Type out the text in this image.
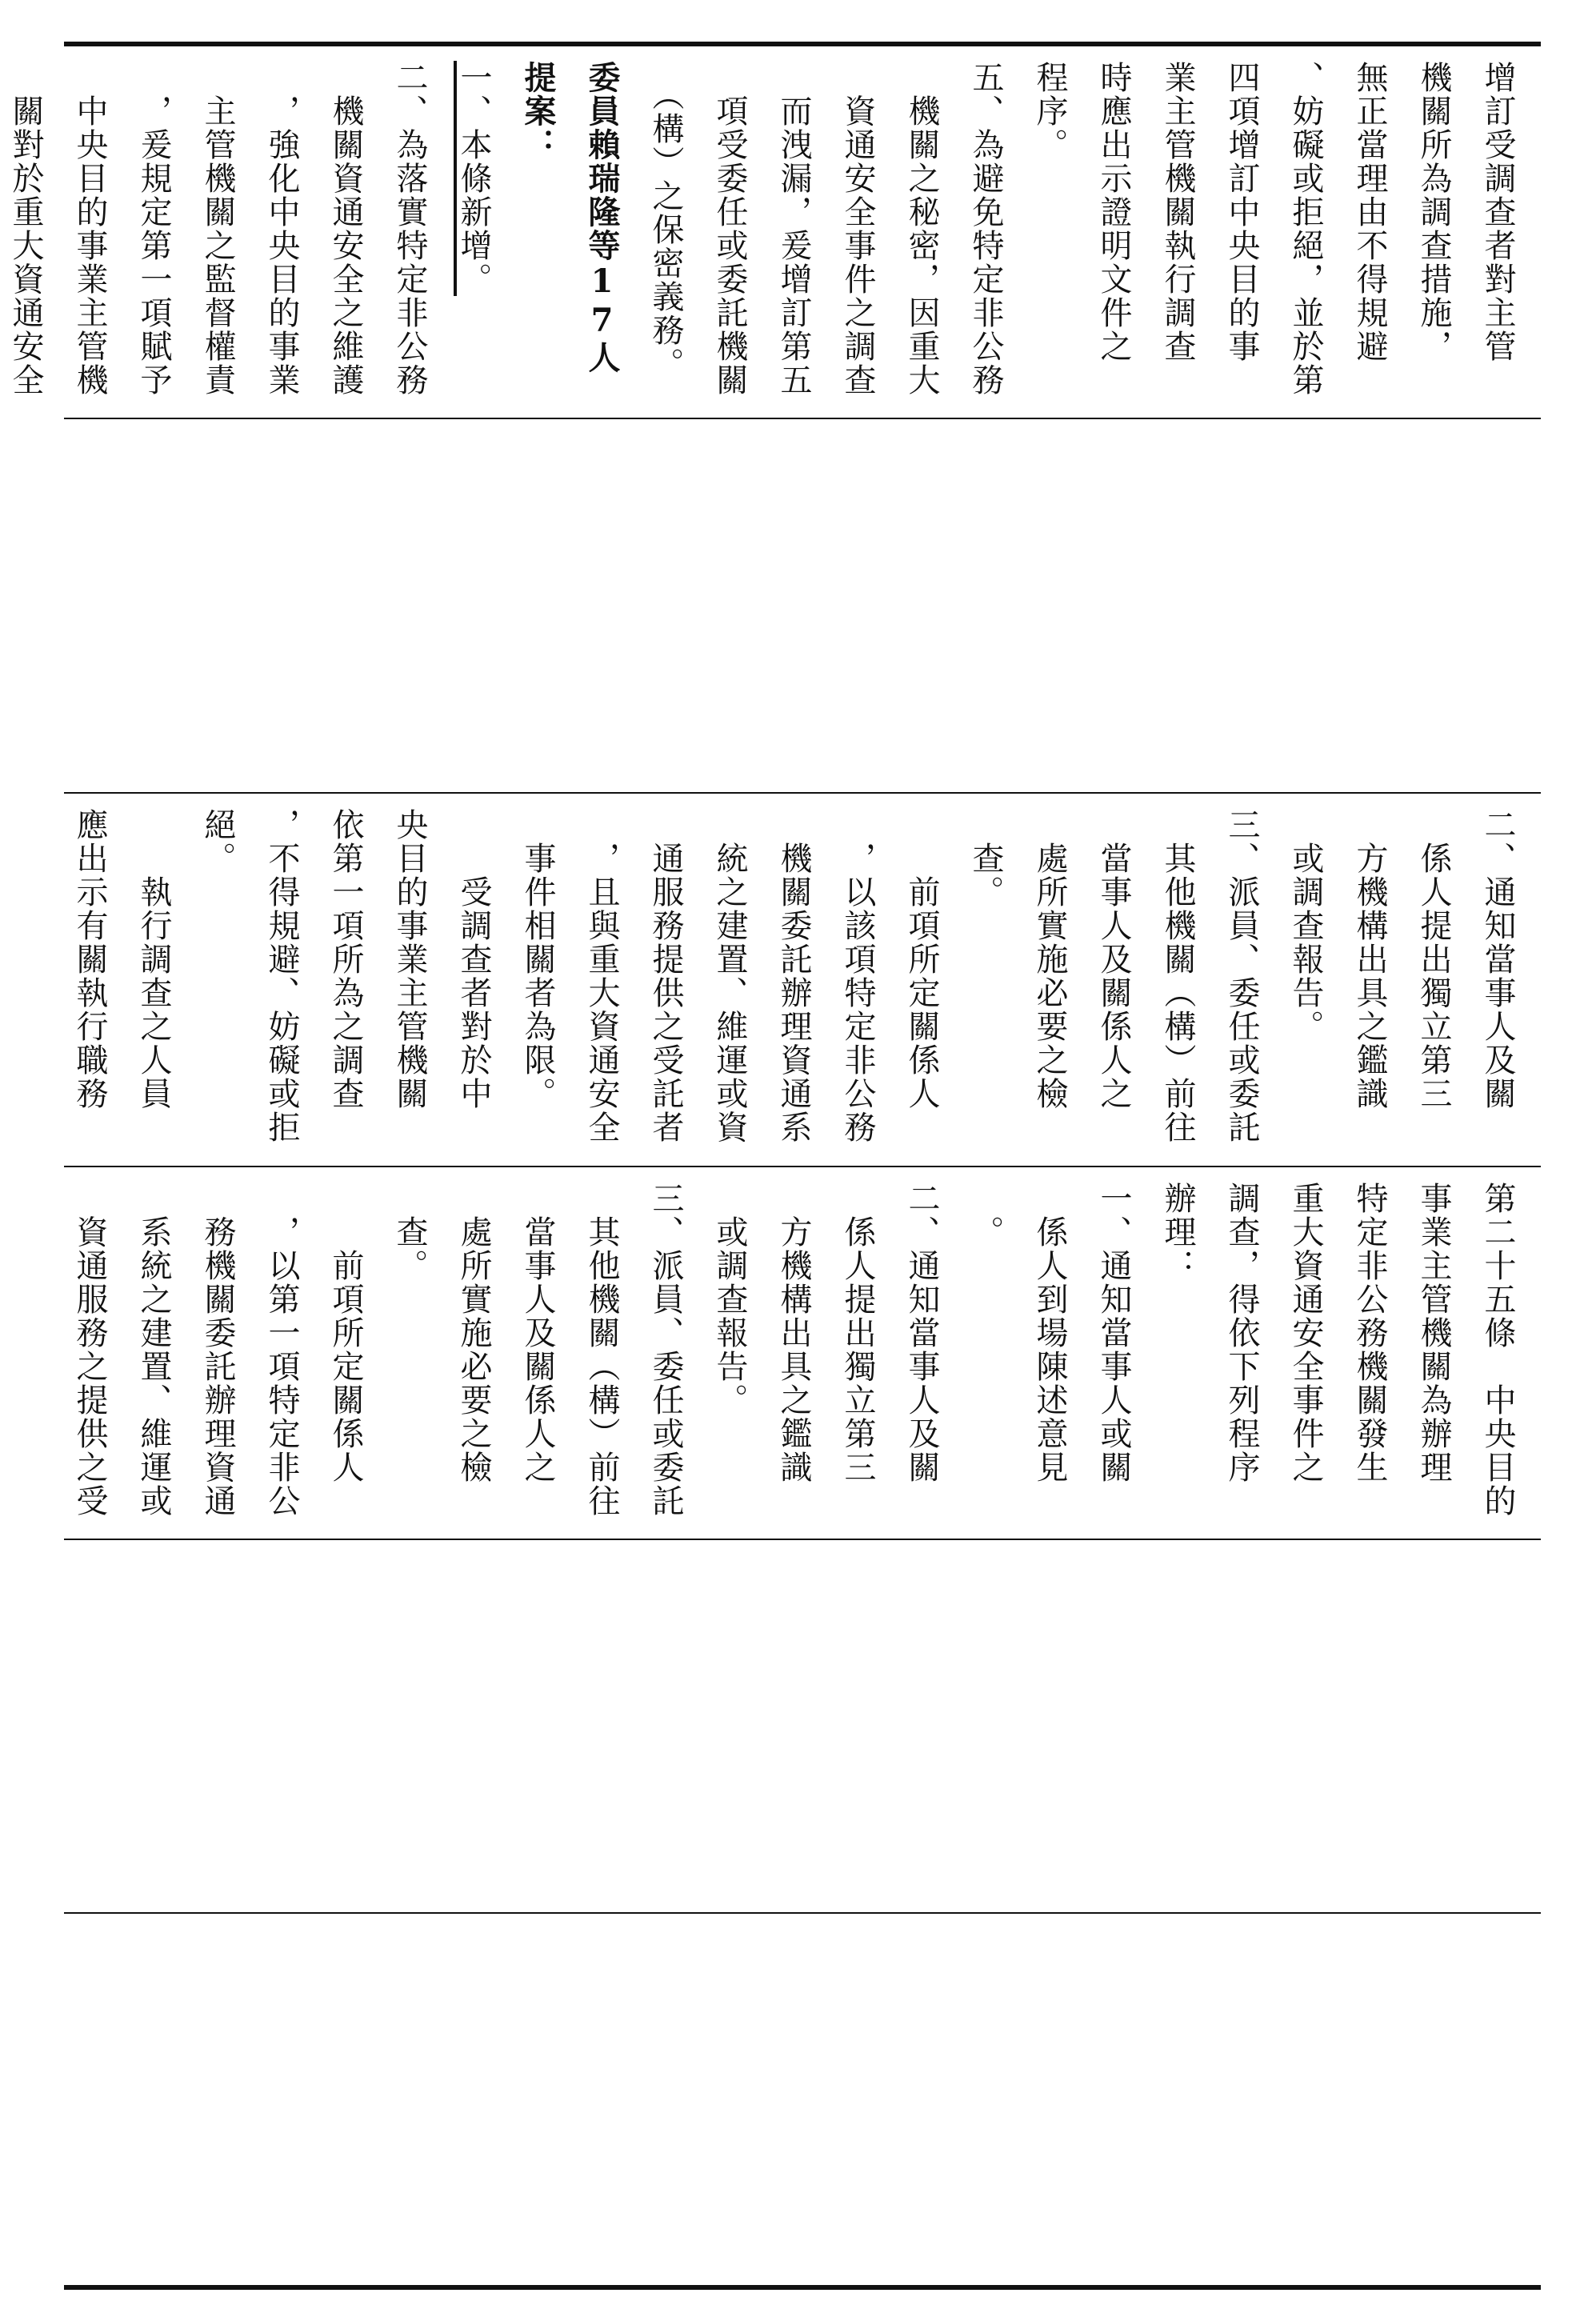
增訂受調查者對主管
機關所為調查措施，
無正當理由不得規避
、妨礙或拒絕，並於第
四項增訂中央目的事
業主管機關執行調查
時應出示證明文件之
程序。
五、為避免特定非公務
　機關之秘密，因重大
　資通安全事件之調查
　而洩漏，爰增訂第五
　項受委任或委託機關
　（構）之保密義務。
委員賴瑞隆等17人提案：
一、本條新增。
二、為落實特定非公務
　機關資通安全之維護
　，強化中央目的事業
　主管機關之監督權責
　，爰規定第一項賦予
　中央目的事業主管機
　關對於重大資通安全
二、通知當事人及關
　係人提出獨立第三
　方機構出具之鑑識
　或調查報告。
三、派員、委任或委託
　其他機關（構）前往
　當事人及關係人之
　處所實施必要之檢
　查。
　　前項所定關係人
　，以該項特定非公務
　機關委託辦理資通系
　統之建置、維運或資
　通服務提供之受託者
　，且與重大資通安全
　事件相關者為限。
　　受調查者對於中
央目的事業主管機關
依第一項所為之調查
，不得規避、妨礙或拒
絕。
　　執行調查之人員
應出示有關執行職務
第二十五條　中央目的
事業主管機關為辦理
特定非公務機關發生
重大資通安全事件之
調查，得依下列程序
辦理：
一、通知當事人或關
　係人到場陳述意見
　。
二、通知當事人及關
　係人提出獨立第三
　方機構出具之鑑識
　或調查報告。
三、派員、委任或委託
　其他機關（構）前往
　當事人及關係人之
　處所實施必要之檢
　查。
　　前項所定關係人
　，以第一項特定非公
　務機關委託辦理資通
　系統之建置、維運或
　資通服務之提供之受
